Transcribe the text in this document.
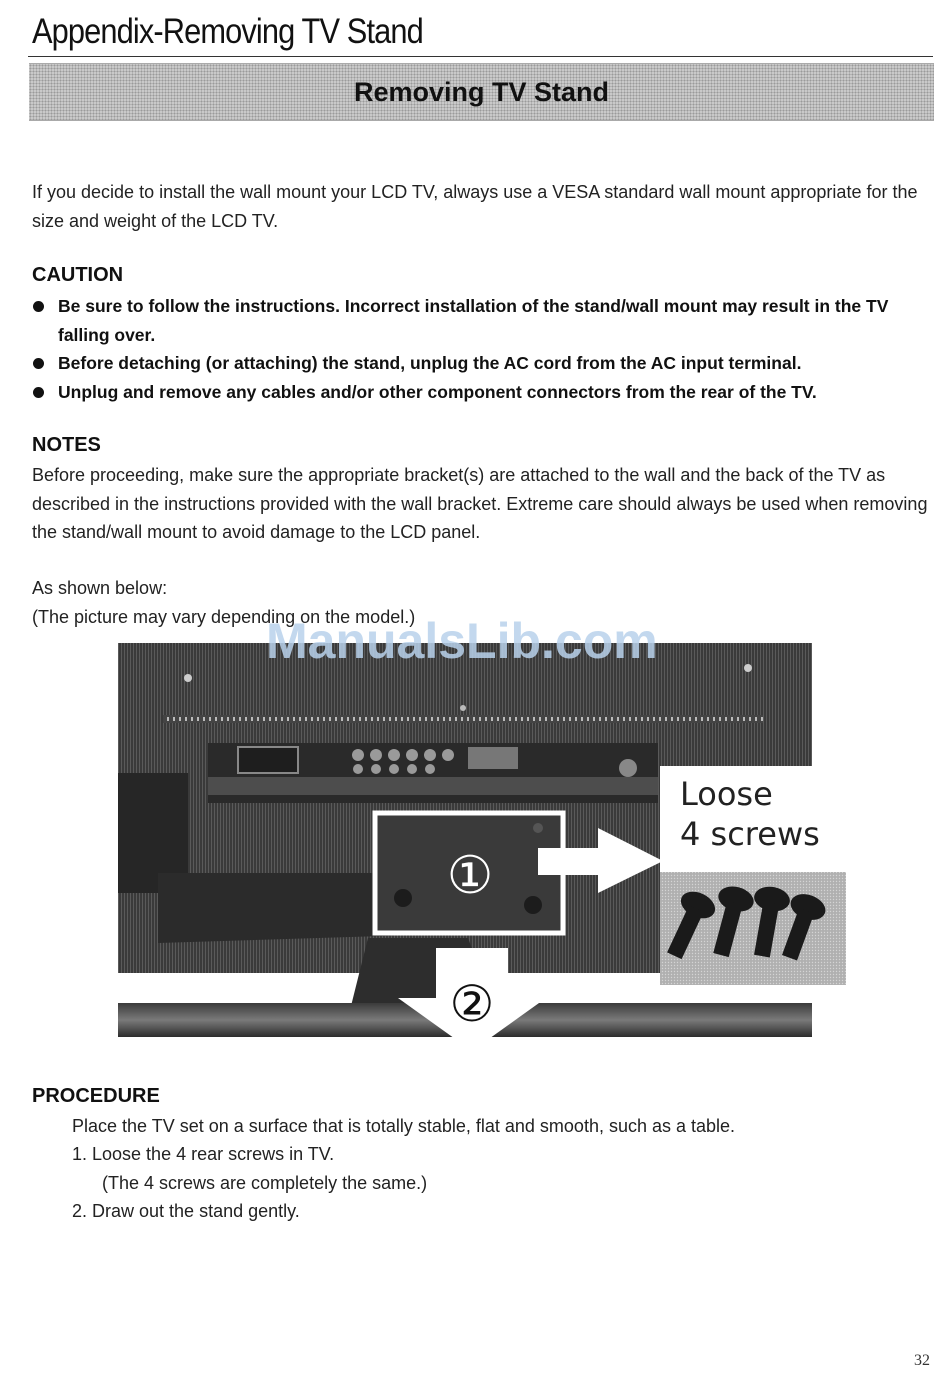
Appendix-Removing TV Stand
Removing TV Stand
If you decide to install the wall mount your LCD TV, always use a VESA standard wall mount appropriate for the size and weight of the LCD TV.
CAUTION
Be sure to follow the instructions. Incorrect installation of the stand/wall mount may result in the TV falling over.
Before detaching (or attaching) the stand, unplug the AC cord from the AC input terminal.
Unplug and remove any cables and/or other component connectors from the rear of the TV.
NOTES
Before proceeding, make sure the appropriate bracket(s) are attached to the wall and the back of the TV as described in the instructions provided with the wall bracket. Extreme care should always be used when removing the stand/wall mount to avoid damage to the LCD panel.
As shown below:
(The picture may vary depending on the model.)
①
②
Loose
4 screws
ManualsLib.com
PROCEDURE
Place the TV set on a surface that is totally stable, flat and smooth, such as a table.
1. Loose the 4 rear screws in TV.
(The 4 screws are completely the same.)
2. Draw out the stand gently.
32
